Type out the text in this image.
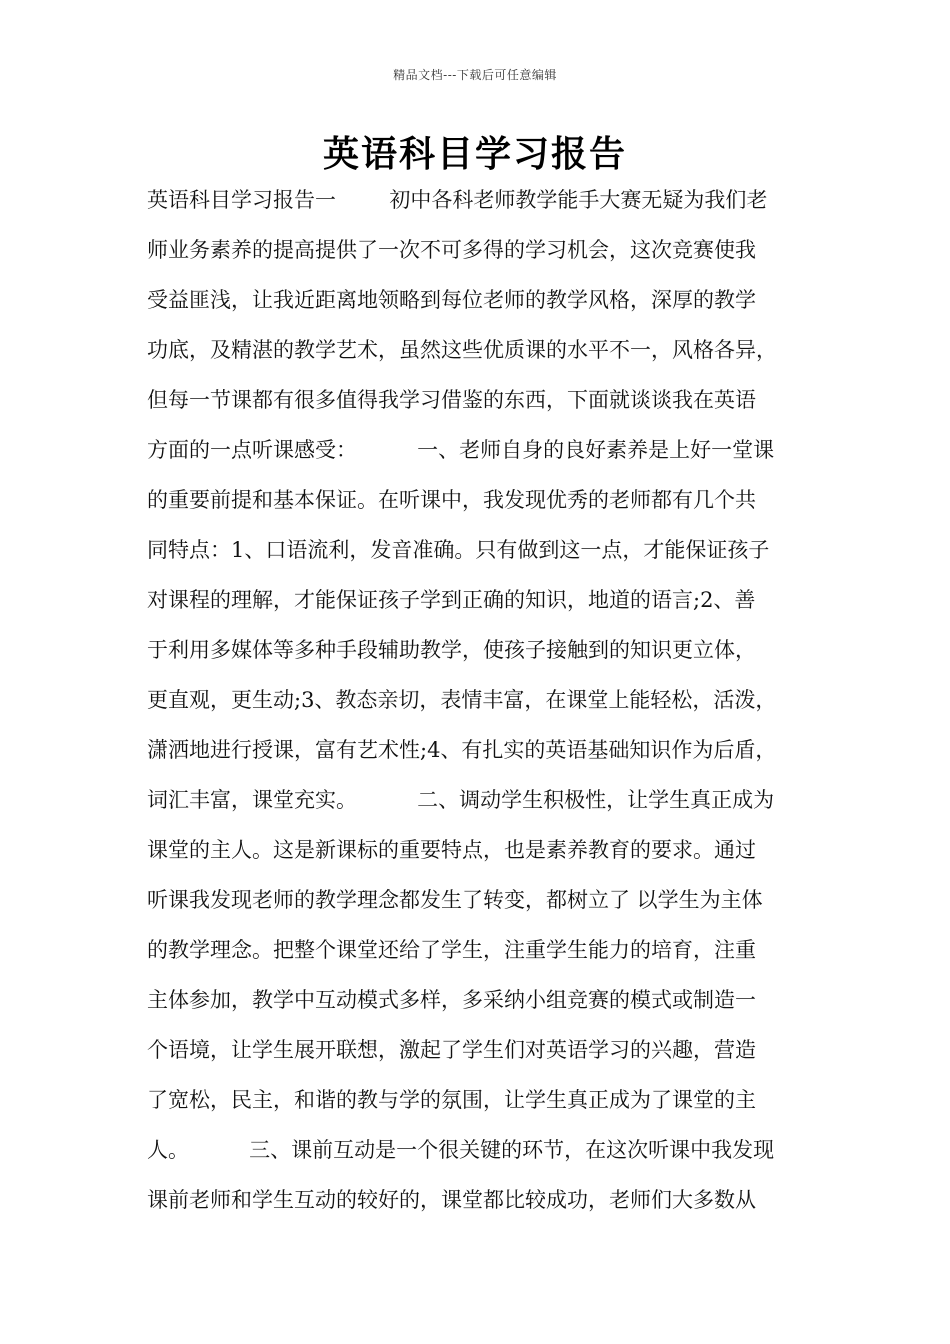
精品文档---下载后可任意编辑
英语科目学习报告
英语科目学习报告一        初中各科老师教学能手大赛无疑为我们老
师业务素养的提高提供了一次不可多得的学习机会，这次竞赛使我
受益匪浅，让我近距离地领略到每位老师的教学风格，深厚的教学
功底，及精湛的教学艺术，虽然这些优质课的水平不一，风格各异，
但每一节课都有很多值得我学习借鉴的东西，下面就谈谈我在英语
方面的一点听课感受：         一、老师自身的良好素养是上好一堂课
的重要前提和基本保证。在听课中，我发现优秀的老师都有几个共
同特点：1、口语流利，发音准确。只有做到这一点，才能保证孩子
对课程的理解，才能保证孩子学到正确的知识，地道的语言;2、善
于利用多媒体等多种手段辅助教学，使孩子接触到的知识更立体，
更直观，更生动;3、教态亲切，表情丰富，在课堂上能轻松，活泼，
潇洒地进行授课，富有艺术性;4、有扎实的英语基础知识作为后盾，
词汇丰富，课堂充实。         二、调动学生积极性，让学生真正成为
课堂的主人。这是新课标的重要特点，也是素养教育的要求。通过
听课我发现老师的教学理念都发生了转变，都树立了 以学生为主体
的教学理念。把整个课堂还给了学生，注重学生能力的培育，注重
主体参加，教学中互动模式多样，多采纳小组竞赛的模式或制造一
个语境，让学生展开联想，激起了学生们对英语学习的兴趣，营造
了宽松，民主，和谐的教与学的氛围，让学生真正成为了课堂的主
人。         三、课前互动是一个很关键的环节，在这次听课中我发现
课前老师和学生互动的较好的，课堂都比较成功，老师们大多数从
